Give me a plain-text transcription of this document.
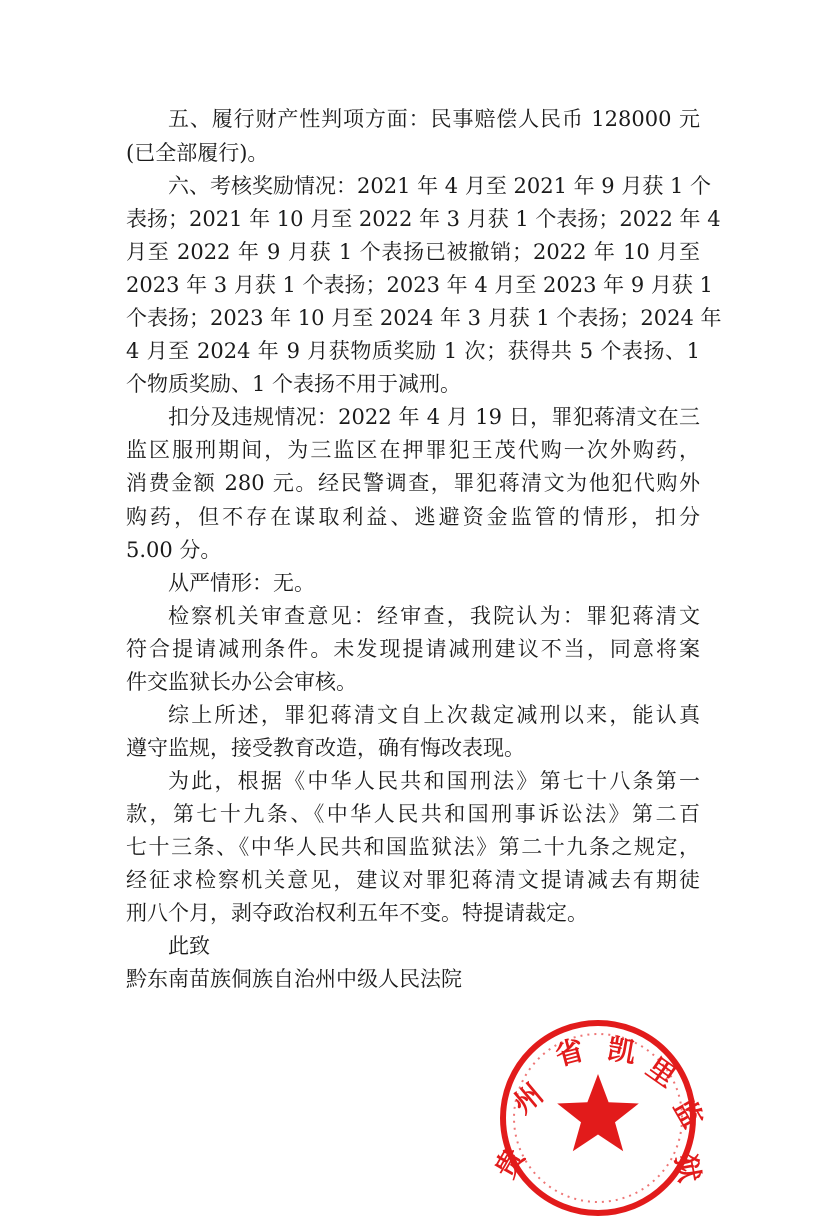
五、履行财产性判项方面：民事赔偿人民币 128000 元
(已全部履行)。
六、考核奖励情况：2021 年 4 月至 2021 年 9 月获 1 个
表扬；2021 年 10 月至 2022 年 3 月获 1 个表扬；2022 年 4
月至 2022 年 9 月获 1 个表扬已被撤销；2022 年 10 月至
2023 年 3 月获 1 个表扬；2023 年 4 月至 2023 年 9 月获 1
个表扬；2023 年 10 月至 2024 年 3 月获 1 个表扬；2024 年
4 月至 2024 年 9 月获物质奖励 1 次；获得共 5 个表扬、1
个物质奖励、1 个表扬不用于减刑。
扣分及违规情况：2022 年 4 月 19 日，罪犯蒋清文在三
监区服刑期间，为三监区在押罪犯王茂代购一次外购药，
消费金额 280 元。经民警调查，罪犯蒋清文为他犯代购外
购药，但不存在谋取利益、逃避资金监管的情形，扣分
5.00 分。
从严情形：无。
检察机关审查意见：经审查，我院认为：罪犯蒋清文
符合提请减刑条件。未发现提请减刑建议不当，同意将案
件交监狱长办公会审核。
综上所述，罪犯蒋清文自上次裁定减刑以来，能认真
遵守监规，接受教育改造，确有悔改表现。
为此，根据《中华人民共和国刑法》第七十八条第一
款，第七十九条、《中华人民共和国刑事诉讼法》第二百
七十三条、《中华人民共和国监狱法》第二十九条之规定，
经征求检察机关意见，建议对罪犯蒋清文提请减去有期徒
刑八个月，剥夺政治权利五年不变。特提请裁定。
此致
黔东南苗族侗族自治州中级人民法院
贵
州
省 凯
里
监
狱
